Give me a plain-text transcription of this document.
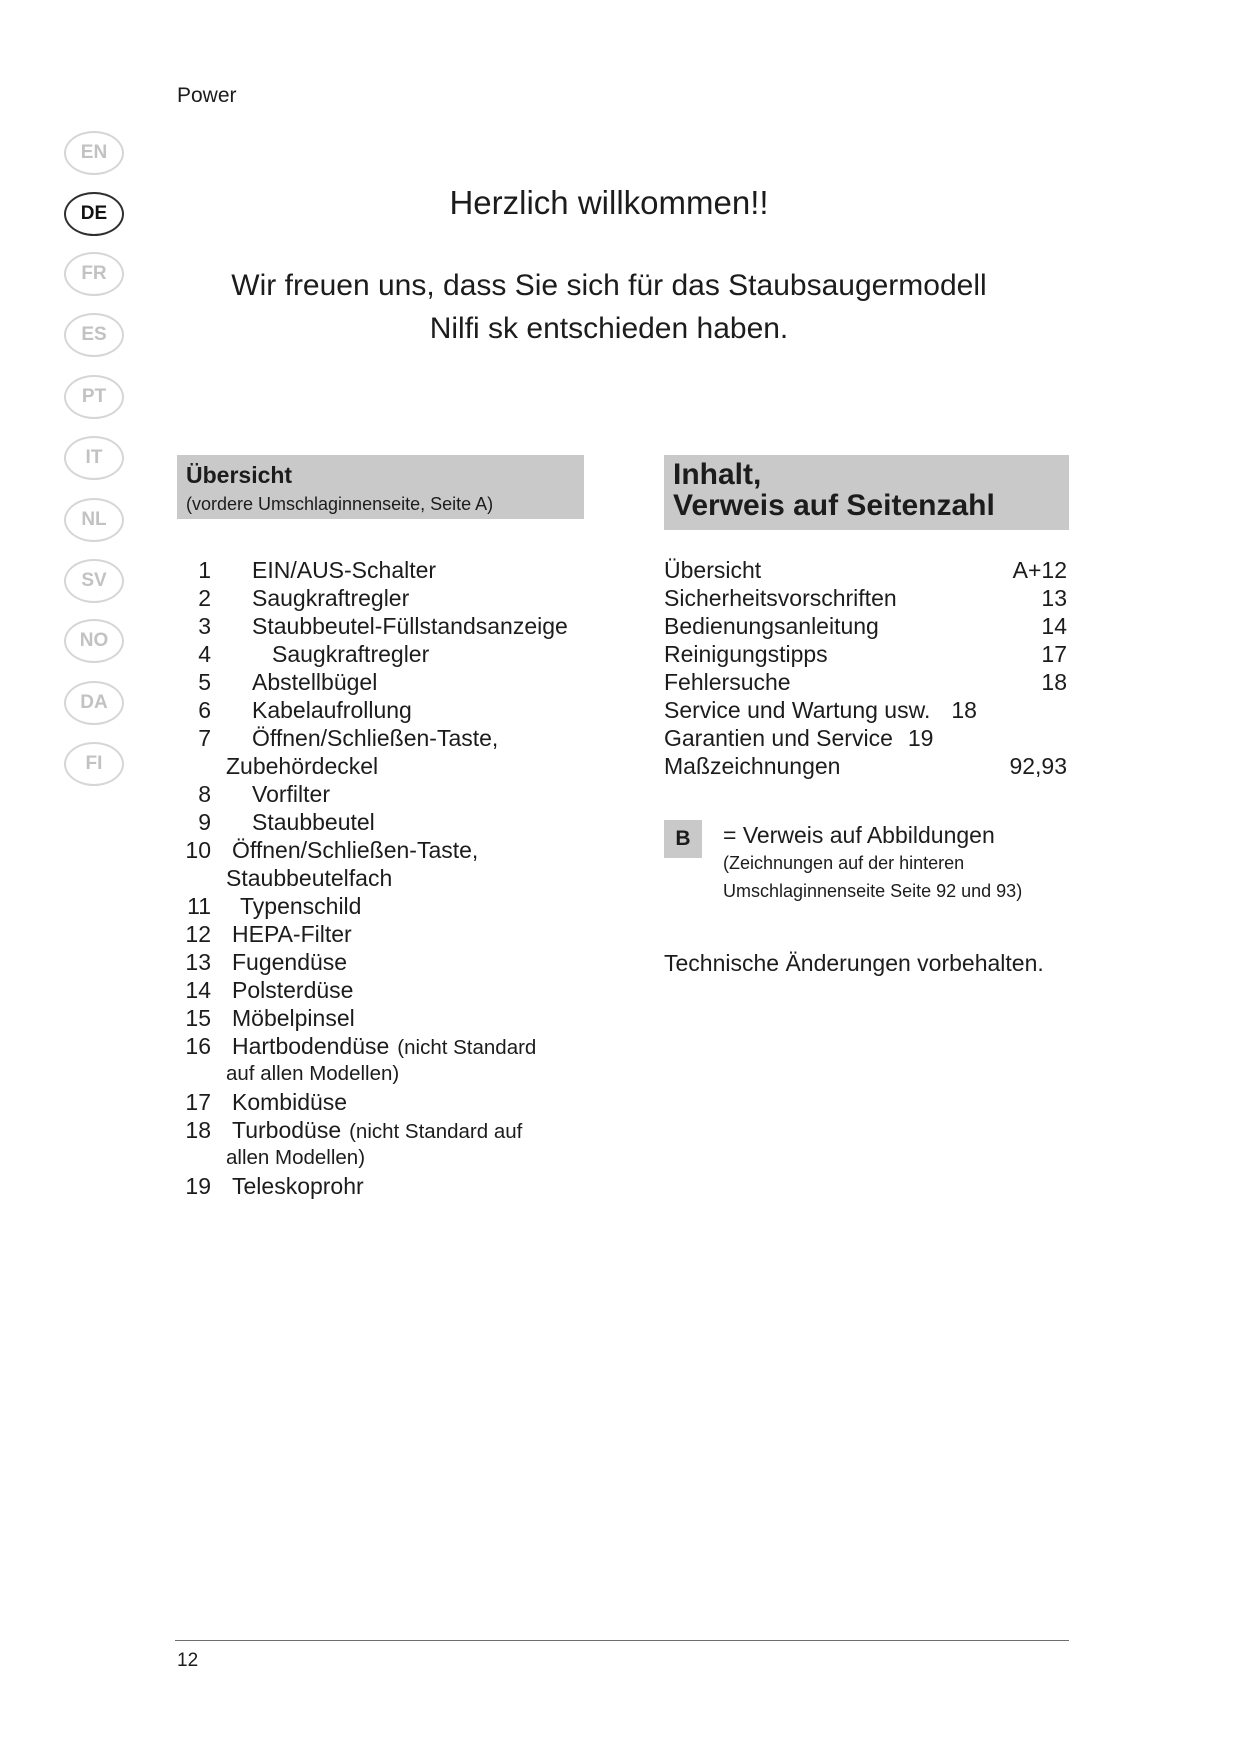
Power
EN
DE
FR
ES
PT
IT
NL
SV
NO
DA
FI
Herzlich willkommen!!

Wir freuen uns, dass Sie sich für das Staubsaugermodell

Nilfi sk entschieden haben.

Übersicht
(vordere Umschlaginnenseite, Seite A)
Inhalt,
Verweis auf Seitenzahl
1 EIN/AUS-Schalter
2 Saugkraftregler
3 Staubbeutel-Füllstandsanzeige
4	Saugkraftregler
5 Abstellbügel
6 Kabelaufrollung
7 Öffnen/Schließen-Taste,
Zubehördeckel
8 Vorfilter
9 Staubbeutel
10 Öffnen/Schließen-Taste,
Staubbeutelfach
11 Typenschild
12 HEPA-Filter
13 Fugendüse
14 Polsterdüse
15 Möbelpinsel
16 Hartbodendüse (nicht Standard
auf allen Modellen)
17 Kombidüse
18 Turbodüse (nicht Standard auf
allen Modellen)
19 Teleskoprohr
Übersicht	A+12
Sicherheitsvorschriften	13
Bedienungsanleitung	14
Reinigungstipps	17
Fehlersuche	18
Service und Wartung usw. 18
Garantien und Service 19
Maßzeichnungen	92,93
B	= Verweis auf Abbildungen
(Zeichnungen auf der hinteren
Umschlaginnenseite Seite 92 und 93)
Technische Änderungen vorbehalten.
12
